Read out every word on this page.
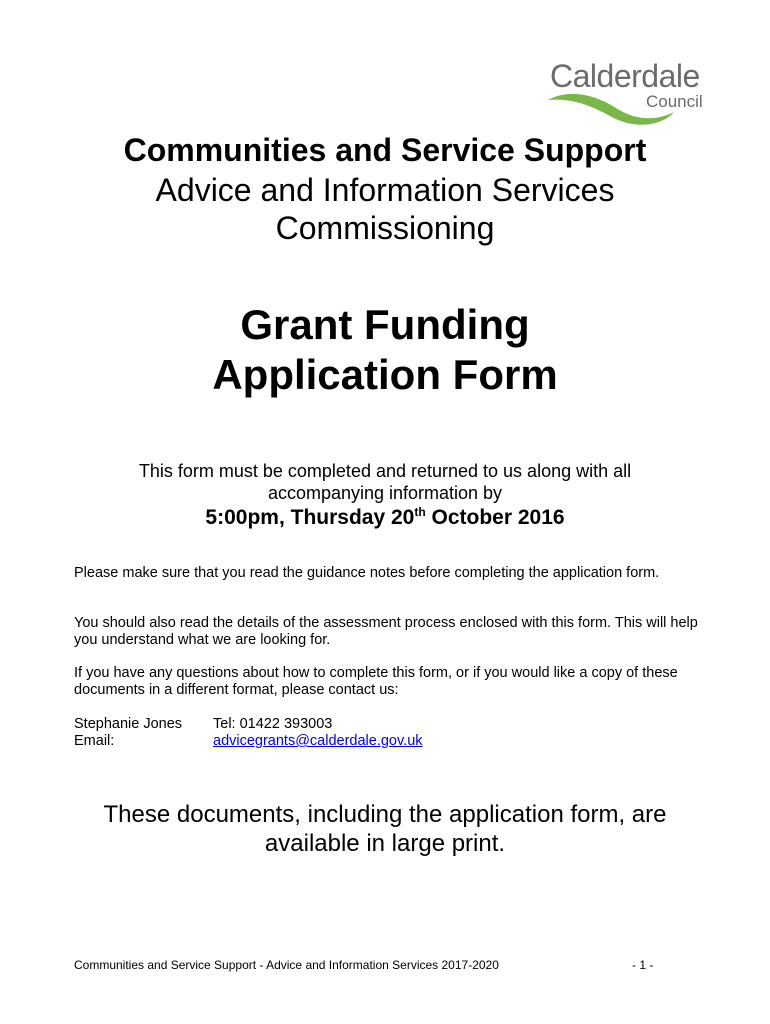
Calderdale
Council
Communities and Service Support
Advice and Information Services
Commissioning
Grant Funding
Application Form
This form must be completed and returned to us along with all
accompanying information by
5:00pm, Thursday 20th October 2016
Please make sure that you read the guidance notes before completing the application form.
You should also read the details of the assessment process enclosed with this form. This will help you understand what we are looking for.
If you have any questions about how to complete this form, or if you would like a copy of these documents in a different format, please contact us:
Stephanie Jones	Tel: 01422 393003
Email:	advicegrants@calderdale.gov.uk
These documents, including the application form, are
available in large print.
Communities and Service Support - Advice and Information Services 2017-2020	- 1 -
